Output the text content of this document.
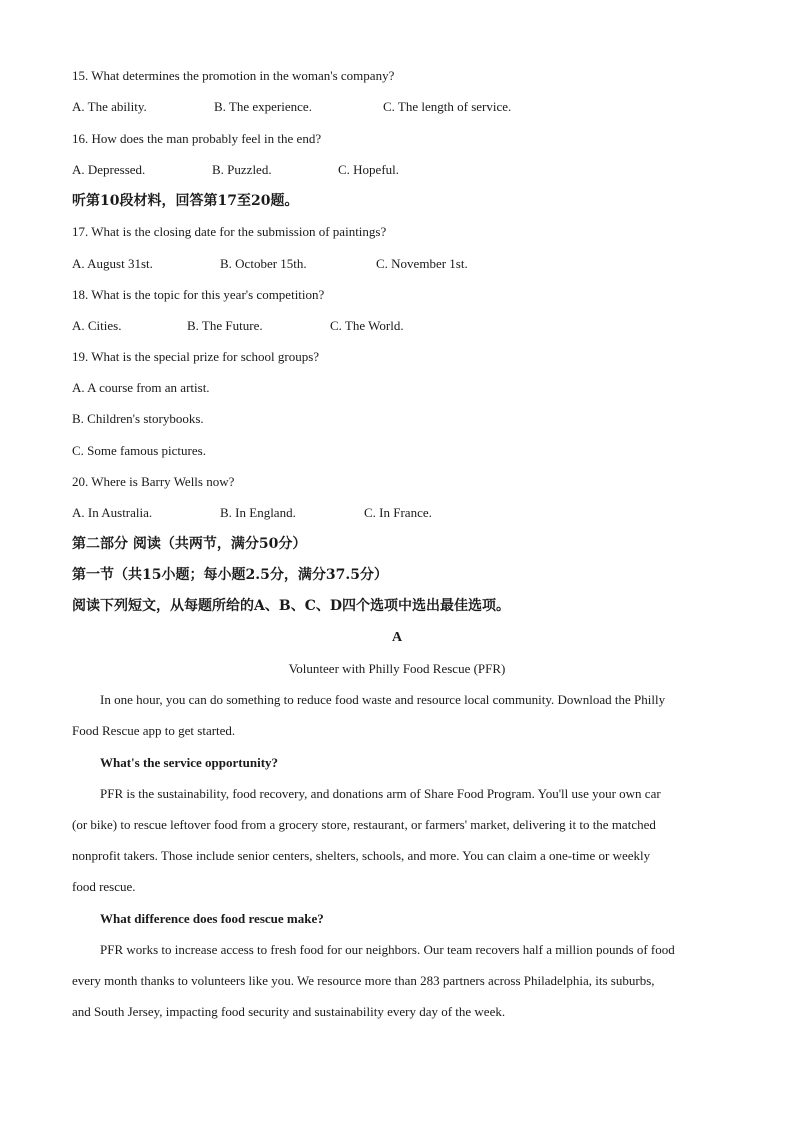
15. What determines the promotion in the woman's company?
A. The ability.	B. The experience.	C. The length of service.
16. How does the man probably feel in the end?
A. Depressed.	B. Puzzled.	C. Hopeful.
听第10段材料，回答第17至20题。
17. What is the closing date for the submission of paintings?
A. August 31st.	B. October 15th.	C. November 1st.
18. What is the topic for this year's competition?
A. Cities.	B. The Future.	C. The World.
19. What is the special prize for school groups?
A. A course from an artist.
B. Children's storybooks.
C. Some famous pictures.
20. Where is Barry Wells now?
A. In Australia.	B. In England.	C. In France.
第二部分 阅读（共两节，满分50分）
第一节（共15小题；每小题2.5分，满分37.5分）
阅读下列短文，从每题所给的A、B、C、D四个选项中选出最佳选项。
A
Volunteer with Philly Food Rescue (PFR)
In one hour, you can do something to reduce food waste and resource local community. Download the Philly
Food Rescue app to get started.
What's the service opportunity?
PFR is the sustainability, food recovery, and donations arm of Share Food Program. You'll use your own car
(or bike) to rescue leftover food from a grocery store, restaurant, or farmers' market, delivering it to the matched
nonprofit takers. Those include senior centers, shelters, schools, and more. You can claim a one-time or weekly
food rescue.
What difference does food rescue make?
PFR works to increase access to fresh food for our neighbors. Our team recovers half a million pounds of food
every month thanks to volunteers like you. We resource more than 283 partners across Philadelphia, its suburbs,
and South Jersey, impacting food security and sustainability every day of the week.
